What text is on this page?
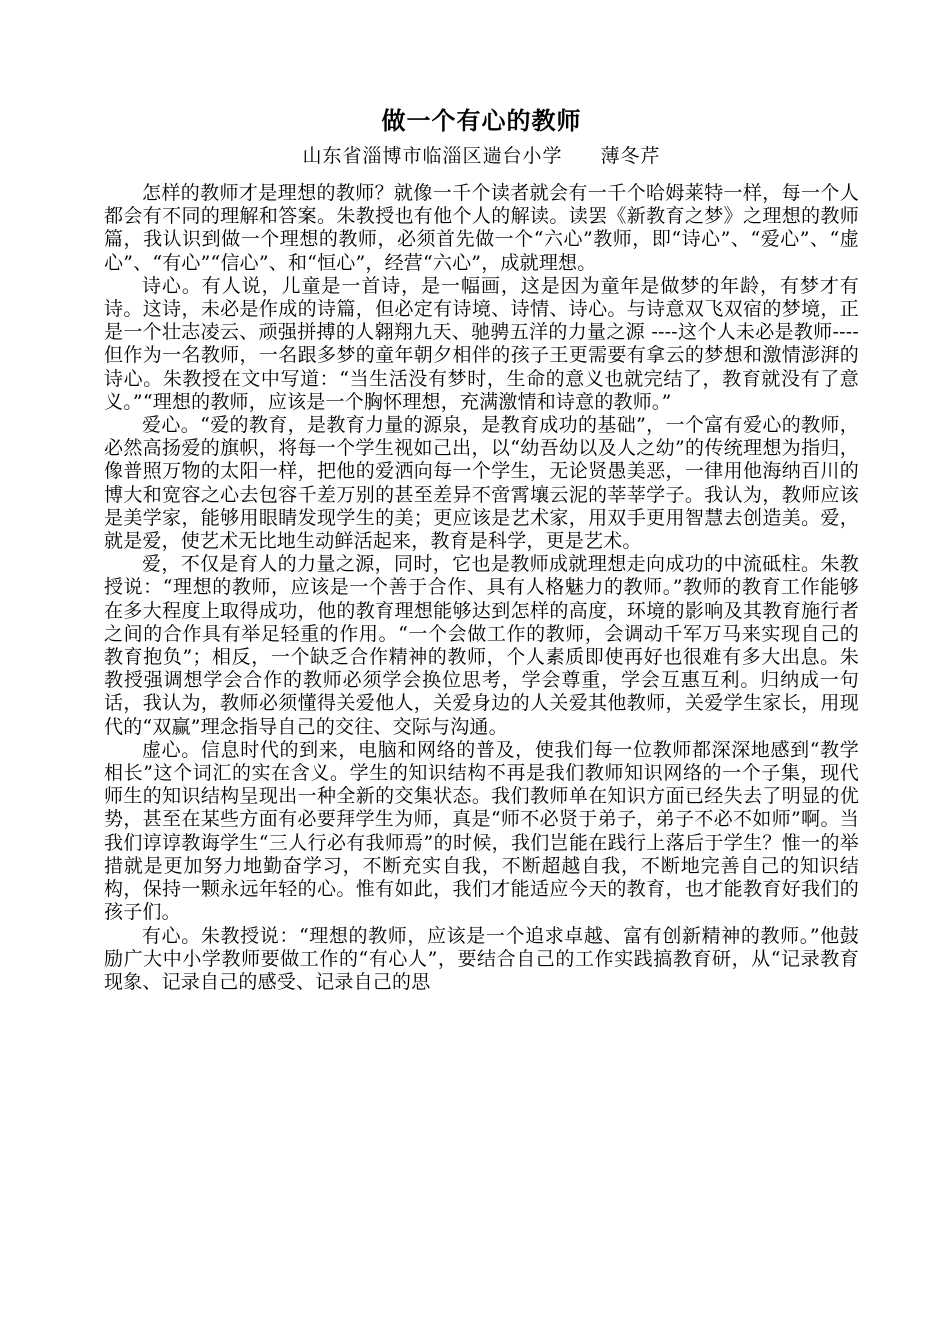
做一个有心的教师
山东省淄博市临淄区遄台小学 薄冬芹

怎样的教师才是理想的教师？就像一千个读者就会有一千个哈姆莱特一样，每一个人都会有不同的理解和答案。朱教授也有他个人的解读。读罢《新教育之梦》之理想的教师篇，我认识到做一个理想的教师，必须首先做一个“六心”教师，即“诗心”、“爱心”、“虚心”、“有心”“信心”、和“恒心”，经营“六心”，成就理想。

诗心。有人说，儿童是一首诗，是一幅画，这是因为童年是做梦的年龄，有梦才有诗。这诗，未必是作成的诗篇，但必定有诗境、诗情、诗心。与诗意双飞双宿的梦境，正是一个壮志凌云、顽强拼搏的人翱翔九天、驰骋五洋的力量之源 ----这个人未必是教师----但作为一名教师，一名跟多梦的童年朝夕相伴的孩子王更需要有拿云的梦想和激情澎湃的诗心。朱教授在文中写道：“当生活没有梦时，生命的意义也就完结了，教育就没有了意义。”“理想的教师，应该是一个胸怀理想，充满激情和诗意的教师。”

爱心。“爱的教育，是教育力量的源泉，是教育成功的基础”，一个富有爱心的教师，必然高扬爱的旗帜，将每一个学生视如己出，以“幼吾幼以及人之幼”的传统理想为指归，像普照万物的太阳一样，把他的爱洒向每一个学生，无论贤愚美恶，一律用他海纳百川的博大和宽容之心去包容千差万别的甚至差异不啻霄壤云泥的莘莘学子。我认为，教师应该是美学家，能够用眼睛发现学生的美；更应该是艺术家，用双手更用智慧去创造美。爱，就是爱，使艺术无比地生动鲜活起来，教育是科学，更是艺术。

爱，不仅是育人的力量之源，同时，它也是教师成就理想走向成功的中流砥柱。朱教授说：“理想的教师，应该是一个善于合作、具有人格魅力的教师。”教师的教育工作能够在多大程度上取得成功，他的教育理想能够达到怎样的高度，环境的影响及其教育施行者之间的合作具有举足轻重的作用。“一个会做工作的教师，会调动千军万马来实现自己的教育抱负”；相反，一个缺乏合作精神的教师，个人素质即使再好也很难有多大出息。朱教授强调想学会合作的教师必须学会换位思考，学会尊重，学会互惠互利。归纳成一句话，我认为，教师必须懂得关爱他人，关爱身边的人关爱其他教师，关爱学生家长，用现代的“双赢”理念指导自己的交往、交际与沟通。

虚心。信息时代的到来，电脑和网络的普及，使我们每一位教师都深深地感到“教学相长”这个词汇的实在含义。学生的知识结构不再是我们教师知识网络的一个子集，现代师生的知识结构呈现出一种全新的交集状态。我们教师单在知识方面已经失去了明显的优势，甚至在某些方面有必要拜学生为师，真是“师不必贤于弟子，弟子不必不如师”啊。当我们谆谆教诲学生“三人行必有我师焉”的时候，我们岂能在践行上落后于学生？惟一的举措就是更加努力地勤奋学习，不断充实自我，不断超越自我，不断地完善自己的知识结构，保持一颗永远年轻的心。惟有如此，我们才能适应今天的教育，也才能教育好我们的孩子们。

有心。朱教授说：“理想的教师，应该是一个追求卓越、富有创新精神的教师。”他鼓励广大中小学教师要做工作的“有心人”，要结合自己的工作实践搞教育研，从“记录教育现象、记录自己的感受、记录自己的思
